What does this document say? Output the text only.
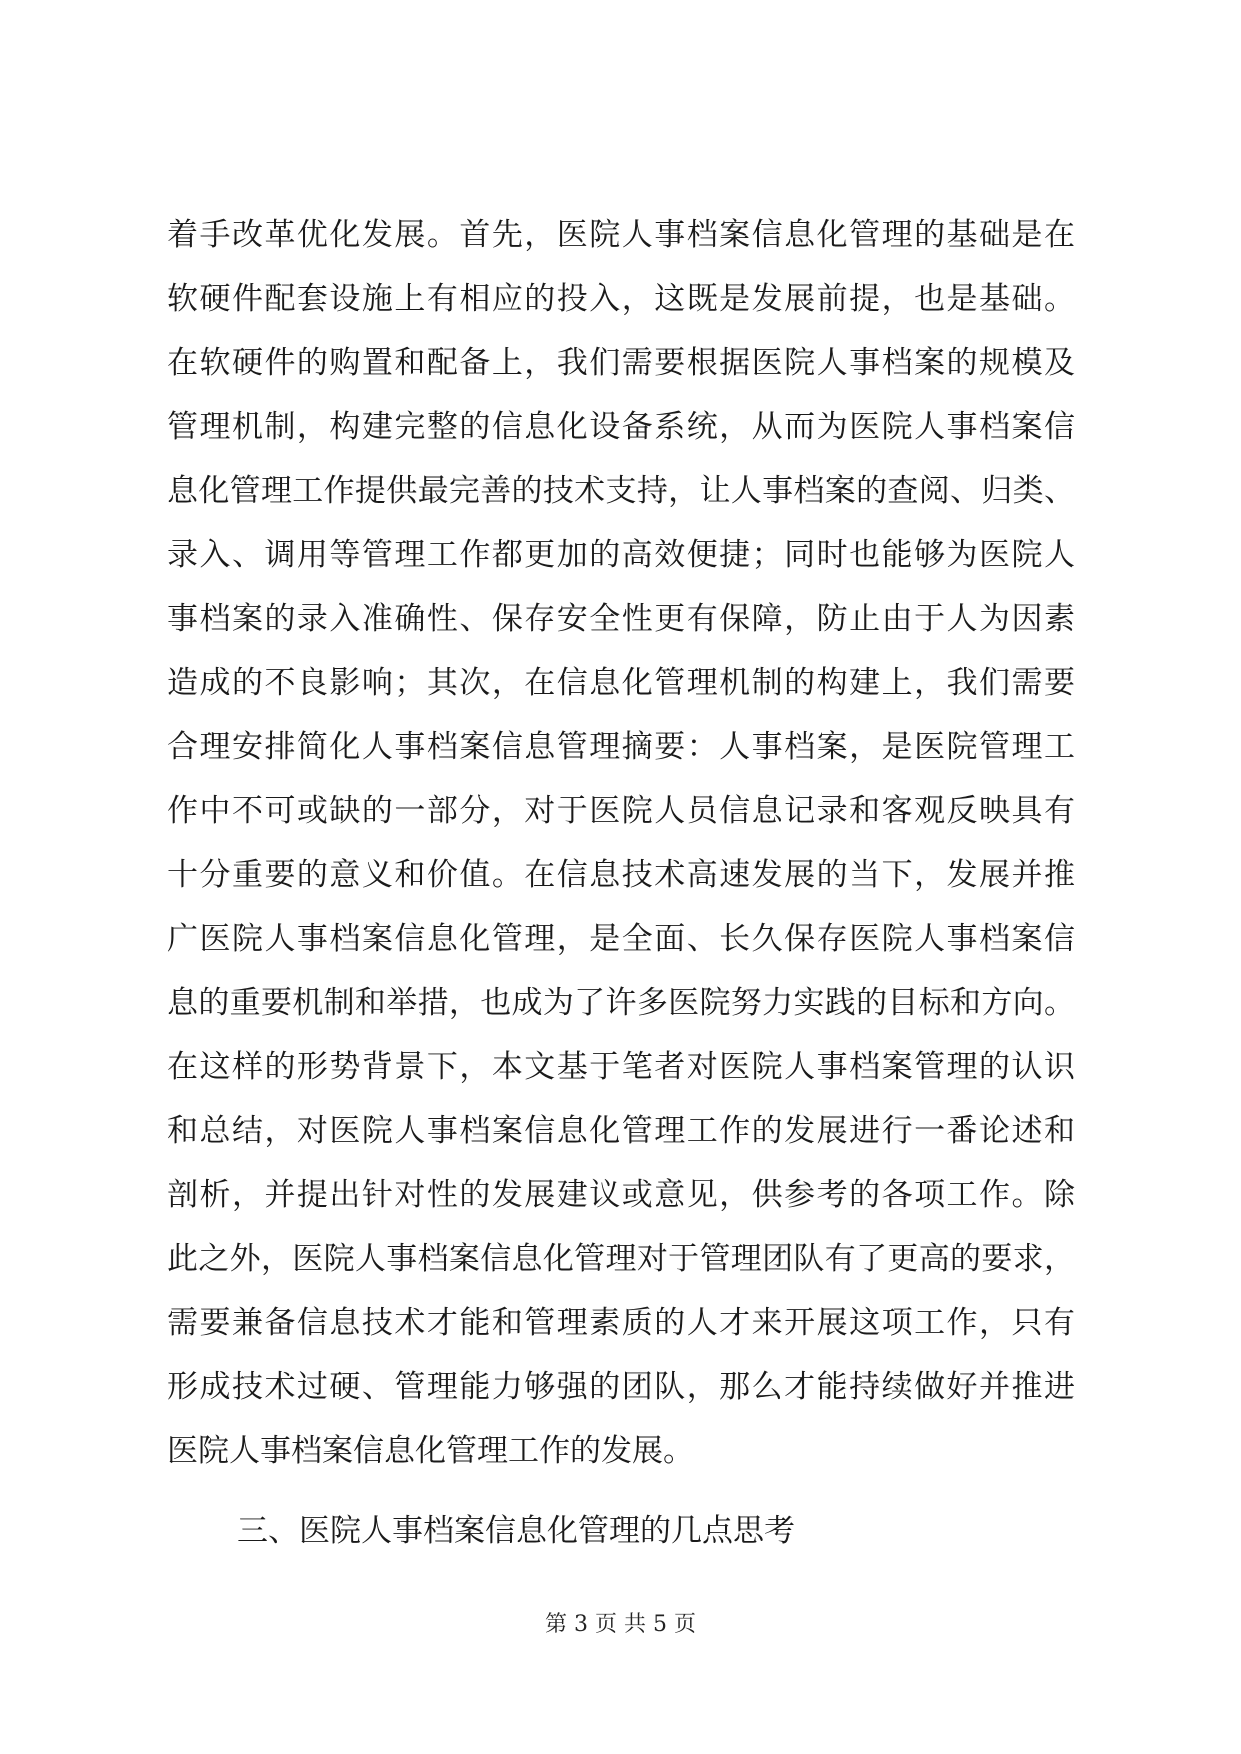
着手改革优化发展。首先，医院人事档案信息化管理的基础是在
软硬件配套设施上有相应的投入，这既是发展前提，也是基础。
在软硬件的购置和配备上，我们需要根据医院人事档案的规模及
管理机制，构建完整的信息化设备系统，从而为医院人事档案信
息化管理工作提供最完善的技术支持，让人事档案的查阅、归类、
录入、调用等管理工作都更加的高效便捷；同时也能够为医院人
事档案的录入准确性、保存安全性更有保障，防止由于人为因素
造成的不良影响；其次，在信息化管理机制的构建上，我们需要
合理安排简化人事档案信息管理摘要：人事档案，是医院管理工
作中不可或缺的一部分，对于医院人员信息记录和客观反映具有
十分重要的意义和价值。在信息技术高速发展的当下，发展并推
广医院人事档案信息化管理，是全面、长久保存医院人事档案信
息的重要机制和举措，也成为了许多医院努力实践的目标和方向。
在这样的形势背景下，本文基于笔者对医院人事档案管理的认识
和总结，对医院人事档案信息化管理工作的发展进行一番论述和
剖析，并提出针对性的发展建议或意见，供参考的各项工作。除
此之外，医院人事档案信息化管理对于管理团队有了更高的要求，
需要兼备信息技术才能和管理素质的人才来开展这项工作，只有
形成技术过硬、管理能力够强的团队，那么才能持续做好并推进
医院人事档案信息化管理工作的发展。
三、医院人事档案信息化管理的几点思考
第 3 页 共 5 页
